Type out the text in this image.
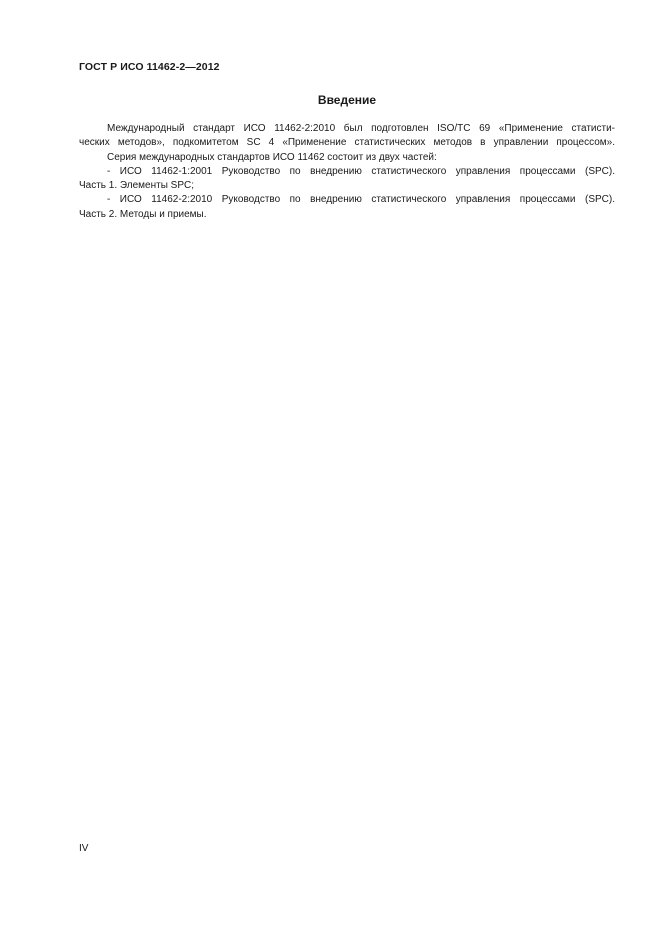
ГОСТ Р ИСО 11462-2—2012
Введение
Международный стандарт ИСО 11462-2:2010 был подготовлен ISO/TC 69 «Применение статисти-
ческих методов», подкомитетом SC 4 «Применение статистических методов в управлении процессом».
Серия международных стандартов ИСО 11462 состоит из двух частей:
- ИСО 11462-1:2001 Руководство по внедрению статистического управления процессами (SPC).
Часть 1. Элементы SPC;
- ИСО 11462-2:2010 Руководство по внедрению статистического управления процессами (SPC).
Часть 2. Методы и приемы.
IV
